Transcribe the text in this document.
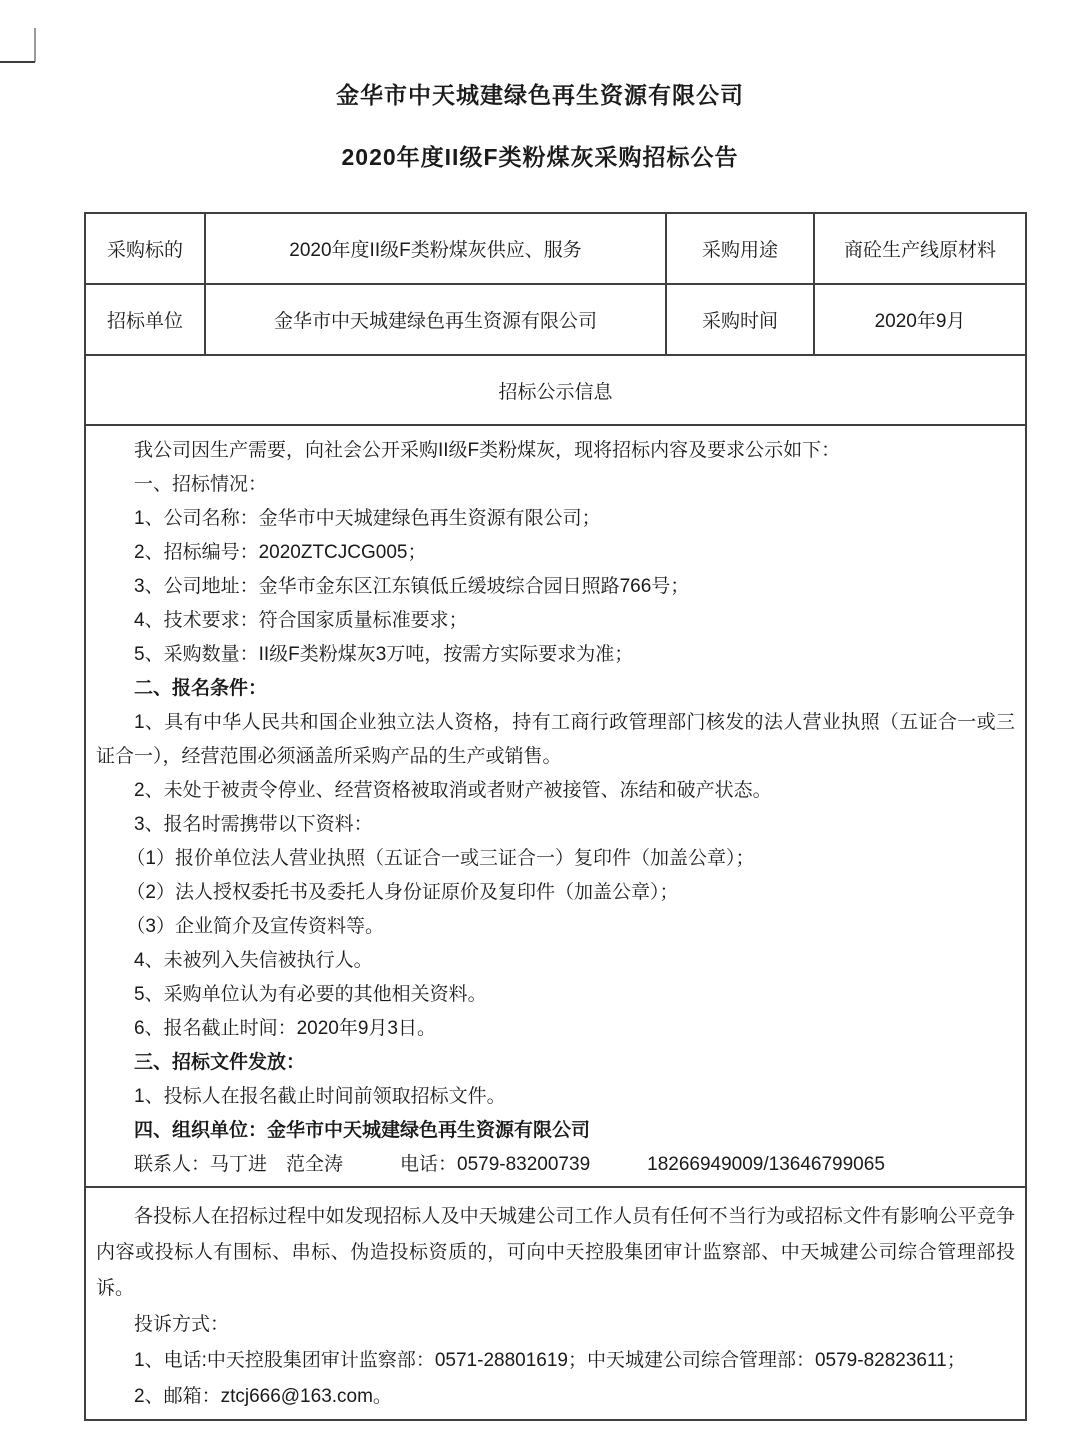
金华市中天城建绿色再生资源有限公司
2020年度II级F类粉煤灰采购招标公告
采购标的	2020年度II级F类粉煤灰供应、服务	采购用途	商砼生产线原材料
招标单位	金华市中天城建绿色再生资源有限公司	采购时间	2020年9月
招标公示信息			

我公司因生产需要，向社会公开采购II级F类粉煤灰，现将招标内容及要求公示如下：

一、招标情况：

1、公司名称：金华市中天城建绿色再生资源有限公司；

2、招标编号：2020ZTCJCG005；

3、公司地址：金华市金东区江东镇低丘缓坡综合园日照路766号；

4、技术要求：符合国家质量标准要求；

5、采购数量：II级F类粉煤灰3万吨，按需方实际要求为准；

二、报名条件：

1、具有中华人民共和国企业独立法人资格，持有工商行政管理部门核发的法人营业执照（五证合一或三证合一），经营范围必须涵盖所采购产品的生产或销售。

2、未处于被责令停业、经营资格被取消或者财产被接管、冻结和破产状态。

3、报名时需携带以下资料：

（1）报价单位法人营业执照（五证合一或三证合一）复印件（加盖公章）；

（2）法人授权委托书及委托人身份证原价及复印件（加盖公章）；

（3）企业简介及宣传资料等。

4、未被列入失信被执行人。

5、采购单位认为有必要的其他相关资料。

6、报名截止时间：2020年9月3日。

三、招标文件发放：

1、投标人在报名截止时间前领取招标文件。

四、组织单位：金华市中天城建绿色再生资源有限公司

联系人：马丁进　范全涛　　　电话：0579-83200739　　　18266949009/13646799065

各投标人在招标过程中如发现招标人及中天城建公司工作人员有任何不当行为或招标文件有影响公平竞争内容或投标人有围标、串标、伪造投标资质的，可向中天控股集团审计监察部、中天城建公司综合管理部投诉。

投诉方式：

1、电话:中天控股集团审计监察部：0571-28801619；中天城建公司综合管理部：0579-82823611；

2、邮箱：ztcj666@163.com。			
